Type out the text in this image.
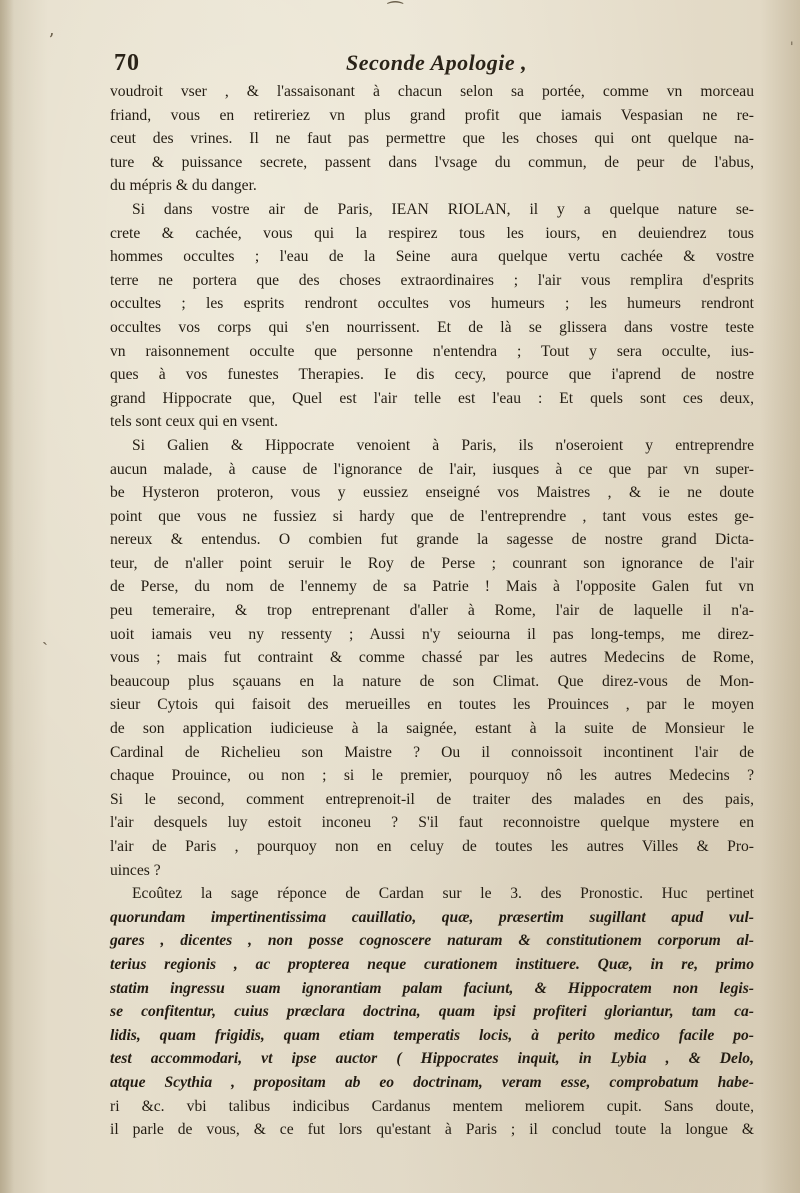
⁀
ʼ
ˎ
'
70	Seconde Apologie ,
voudroit vser , & l'assaisonant à chacun selon sa portée, comme vn morceau
friand, vous en retireriez vn plus grand profit que iamais Vespasian ne re-
ceut des vrines. Il ne faut pas permettre que les choses qui ont quelque na-
ture & puissance secrete, passent dans l'vsage du commun, de peur de l'abus,
du mépris & du danger.
Si dans vostre air de Paris, IEAN RIOLAN, il y a quelque nature se-
crete & cachée, vous qui la respirez tous les iours, en deuiendrez tous
hommes occultes ; l'eau de la Seine aura quelque vertu cachée & vostre
terre ne portera que des choses extraordinaires ; l'air vous remplira d'esprits
occultes ; les esprits rendront occultes vos humeurs ; les humeurs rendront
occultes vos corps qui s'en nourrissent. Et de là se glissera dans vostre teste
vn raisonnement occulte que personne n'entendra ; Tout y sera occulte, ius-
ques à vos funestes Therapies. Ie dis cecy, pource que i'aprend de nostre
grand Hippocrate que, Quel est l'air telle est l'eau : Et quels sont ces deux,
tels sont ceux qui en vsent.
Si Galien & Hippocrate venoient à Paris, ils n'oseroient y entreprendre
aucun malade, à cause de l'ignorance de l'air, iusques à ce que par vn super-
be Hysteron proteron, vous y eussiez enseigné vos Maistres , & ie ne doute
point que vous ne fussiez si hardy que de l'entreprendre , tant vous estes ge-
nereux & entendus. O combien fut grande la sagesse de nostre grand Dicta-
teur, de n'aller point seruir le Roy de Perse ; counrant son ignorance de l'air
de Perse, du nom de l'ennemy de sa Patrie ! Mais à l'opposite Galen fut vn
peu temeraire, & trop entreprenant d'aller à Rome, l'air de laquelle il n'a-
uoit iamais veu ny ressenty ; Aussi n'y seiourna il pas long-temps, me direz-
vous ; mais fut contraint & comme chassé par les autres Medecins de Rome,
beaucoup plus sçauans en la nature de son Climat. Que direz-vous de Mon-
sieur Cytois qui faisoit des merueilles en toutes les Prouinces , par le moyen
de son application iudicieuse à la saignée, estant à la suite de Monsieur le
Cardinal de Richelieu son Maistre ? Ou il connoissoit incontinent l'air de
chaque Prouince, ou non ; si le premier, pourquoy nô les autres Medecins ?
Si le second, comment entreprenoit-il de traiter des malades en des pais,
l'air desquels luy estoit inconeu ? S'il faut reconnoistre quelque mystere en
l'air de Paris , pourquoy non en celuy de toutes les autres Villes & Pro-
uinces ?
Ecoûtez la sage réponce de Cardan sur le 3. des Pronostic. Huc pertinet
quorundam impertinentissima cauillatio, quæ, præsertim sugillant apud vul-
gares , dicentes , non posse cognoscere naturam & constitutionem corporum al-
terius regionis , ac propterea neque curationem instituere. Quæ, in re, primo
statim ingressu suam ignorantiam palam faciunt, & Hippocratem non legis-
se confitentur, cuius præclara doctrina, quam ipsi profiteri gloriantur, tam ca-
lidis, quam frigidis, quam etiam temperatis locis, à perito medico facile po-
test accommodari, vt ipse auctor ( Hippocrates inquit, in Lybia , & Delo,
atque Scythia , propositam ab eo doctrinam, veram esse, comprobatum habe-
ri &c. vbi talibus indicibus Cardanus mentem meliorem cupit. Sans doute,
il parle de vous, & ce fut lors qu'estant à Paris ; il conclud toute la longue &
